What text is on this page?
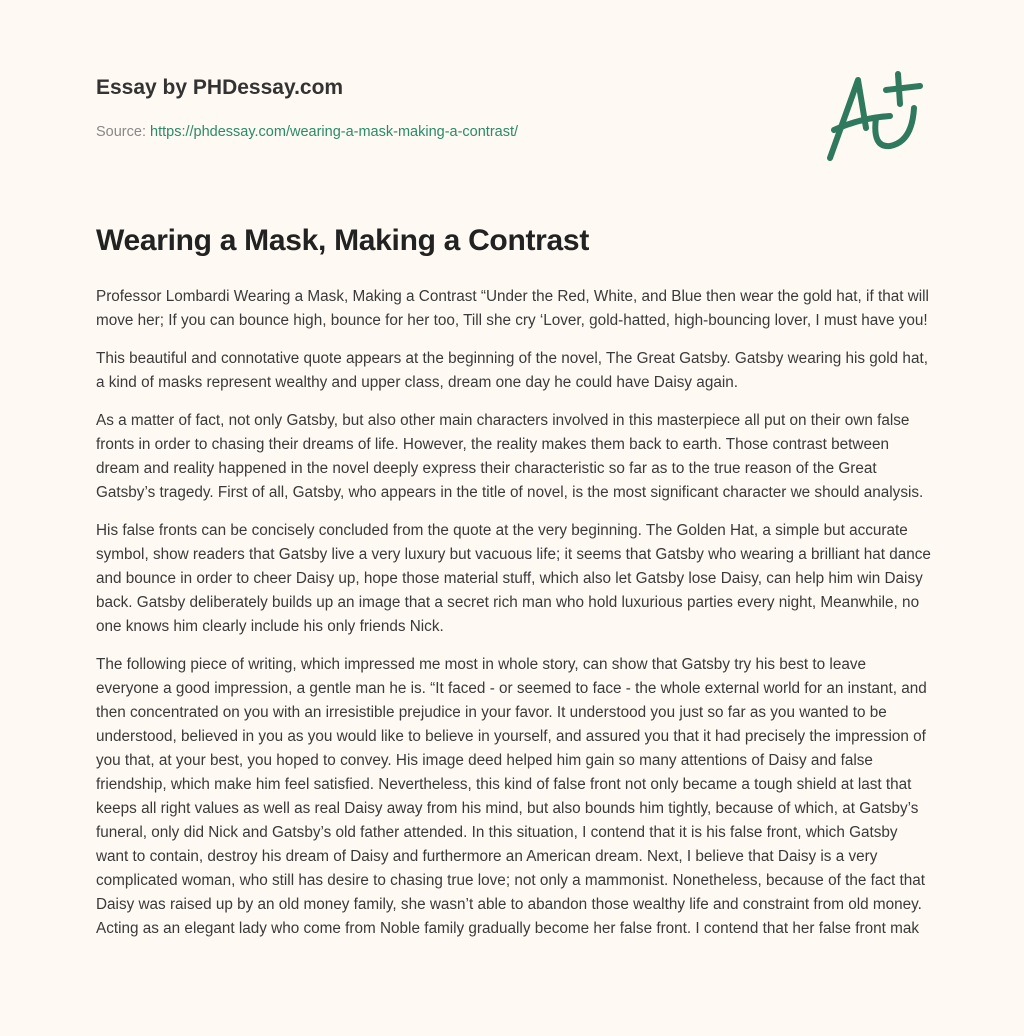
Essay by PHDessay.com
Source: https://phdessay.com/wearing-a-mask-making-a-contrast/
Wearing a Mask, Making a Contrast

Professor Lombardi Wearing a Mask, Making a Contrast “Under the Red, White, and Blue then wear the gold hat, if that will move her; If you can bounce high, bounce for her too, Till she cry ‘Lover, gold-hatted, high-bouncing lover, I must have you!

This beautiful and connotative quote appears at the beginning of the novel, The Great Gatsby. Gatsby wearing his gold hat, a kind of masks represent wealthy and upper class, dream one day he could have Daisy again.

As a matter of fact, not only Gatsby, but also other main characters involved in this masterpiece all put on their own false fronts in order to chasing their dreams of life. However, the reality makes them back to earth. Those contrast between dream and reality happened in the novel deeply express their characteristic so far as to the true reason of the Great Gatsby’s tragedy. First of all, Gatsby, who appears in the title of novel, is the most significant character we should analysis.

His false fronts can be concisely concluded from the quote at the very beginning. The Golden Hat, a simple but accurate symbol, show readers that Gatsby live a very luxury but vacuous life; it seems that Gatsby who wearing a brilliant hat dance and bounce in order to cheer Daisy up, hope those material stuff, which also let Gatsby lose Daisy, can help him win Daisy back. Gatsby deliberately builds up an image that a secret rich man who hold luxurious parties every night, Meanwhile, no one knows him clearly include his only friends Nick.

The following piece of writing, which impressed me most in whole story, can show that Gatsby try his best to leave everyone a good impression, a gentle man he is. “It faced - or seemed to face - the whole external world for an instant, and then concentrated on you with an irresistible prejudice in your favor. It understood you just so far as you wanted to be understood, believed in you as you would like to believe in yourself, and assured you that it had precisely the impression of you that, at your best, you hoped to convey. His image deed helped him gain so many attentions of Daisy and false friendship, which make him feel satisfied. Nevertheless, this kind of false front not only became a tough shield at last that keeps all right values as well as real Daisy away from his mind, but also bounds him tightly, because of which, at Gatsby’s funeral, only did Nick and Gatsby’s old father attended. In this situation, I contend that it is his false front, which Gatsby want to contain, destroy his dream of Daisy and furthermore an American dream. Next, I believe that Daisy is a very complicated woman, who still has desire to chasing true love; not only a mammonist. Nonetheless, because of the fact that Daisy was raised up by an old money family, she wasn’t able to abandon those wealthy life and constraint from old money. Acting as an elegant lady who come from Noble family gradually become her false front. I contend that her false front mak
